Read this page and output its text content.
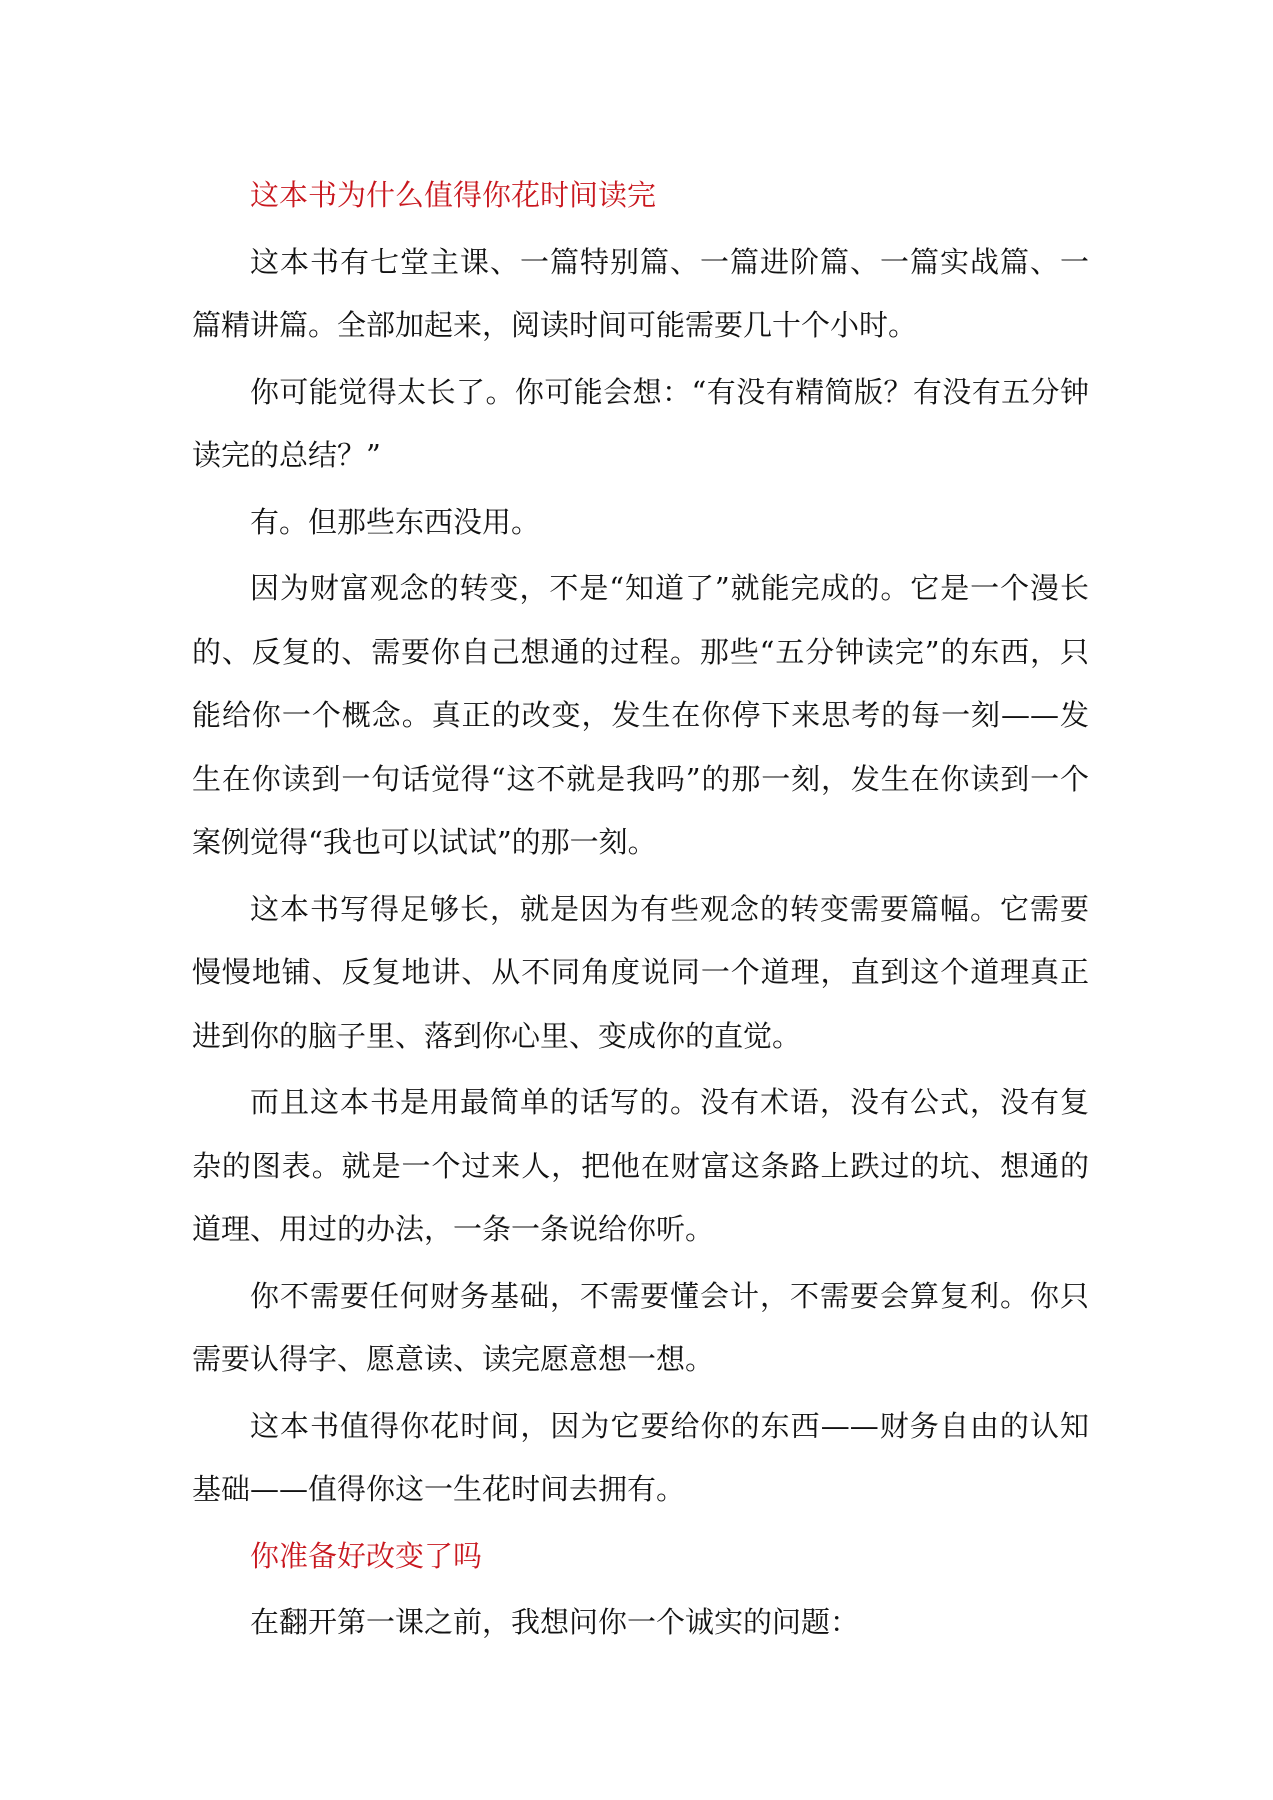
这本书为什么值得你花时间读完

这本书有七堂主课、一篇特别篇、一篇进阶篇、一篇实战篇、一篇精讲篇。全部加起来，阅读时间可能需要几十个小时。

你可能觉得太长了。你可能会想：“有没有精简版？有没有五分钟读完的总结？”

有。但那些东西没用。

因为财富观念的转变，不是“知道了”就能完成的。它是一个漫长的、反复的、需要你自己想通的过程。那些“五分钟读完”的东西，只能给你一个概念。真正的改变，发生在你停下来思考的每一刻——发生在你读到一句话觉得“这不就是我吗”的那一刻，发生在你读到一个案例觉得“我也可以试试”的那一刻。

这本书写得足够长，就是因为有些观念的转变需要篇幅。它需要慢慢地铺、反复地讲、从不同角度说同一个道理，直到这个道理真正进到你的脑子里、落到你心里、变成你的直觉。

而且这本书是用最简单的话写的。没有术语，没有公式，没有复杂的图表。就是一个过来人，把他在财富这条路上跌过的坑、想通的道理、用过的办法，一条一条说给你听。

你不需要任何财务基础，不需要懂会计，不需要会算复利。你只需要认得字、愿意读、读完愿意想一想。

这本书值得你花时间，因为它要给你的东西——财务自由的认知基础——值得你这一生花时间去拥有。

你准备好改变了吗

在翻开第一课之前，我想问你一个诚实的问题：
